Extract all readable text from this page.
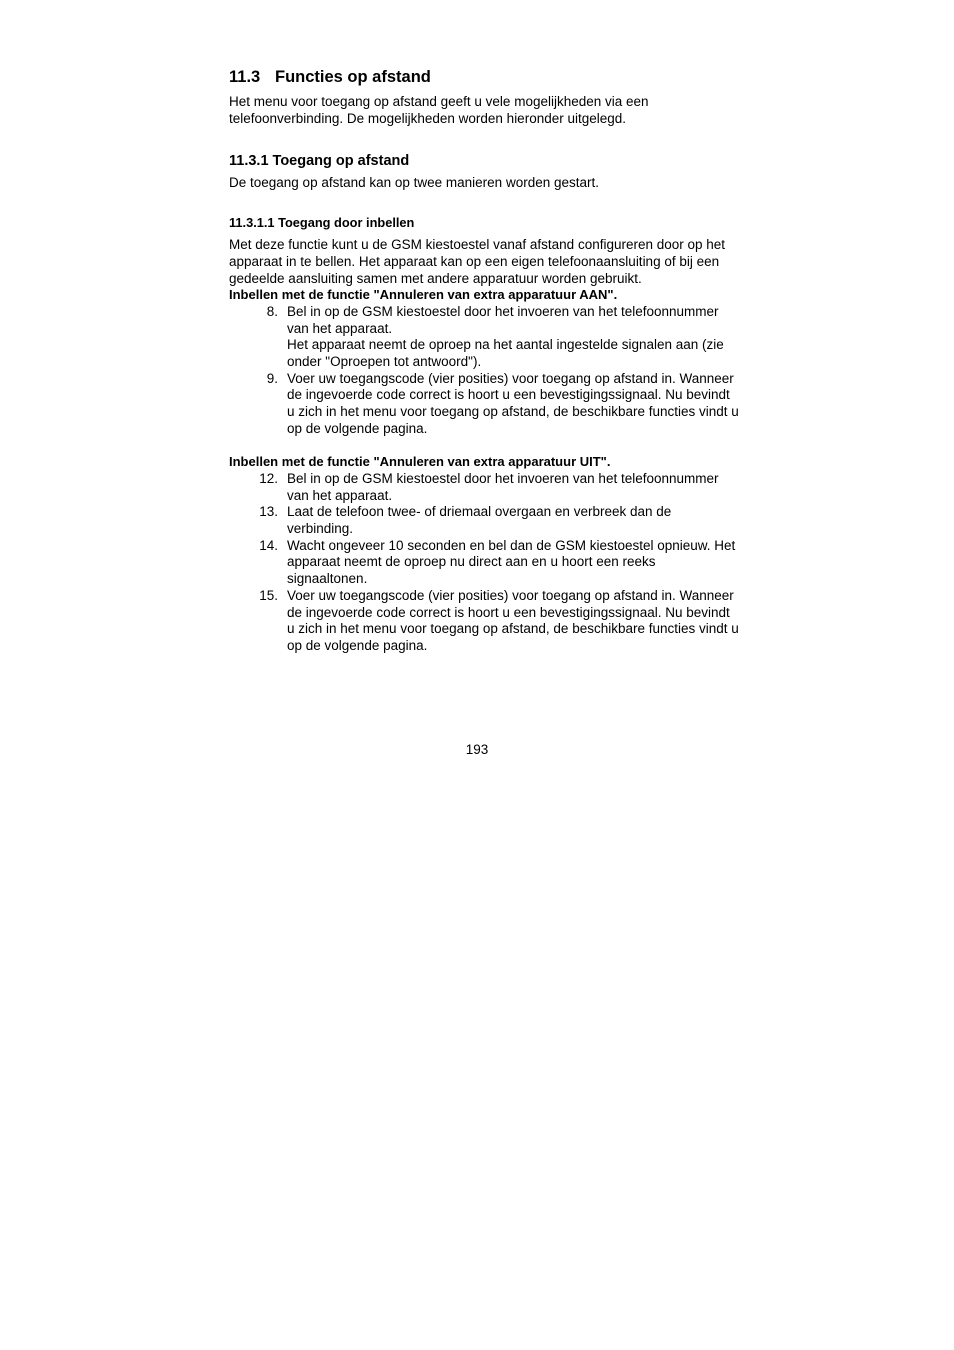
11.3 Functies op afstand

Het menu voor toegang op afstand geeft u vele mogelijkheden via een telefoonverbinding. De mogelijkheden worden hieronder uitgelegd.

11.3.1 Toegang op afstand

De toegang op afstand kan op twee manieren worden gestart.

11.3.1.1 Toegang door inbellen

Met deze functie kunt u de GSM kiestoestel vanaf afstand configureren door op het apparaat in te bellen. Het apparaat kan op een eigen telefoonaansluiting of bij een gedeelde aansluiting samen met andere apparatuur worden gebruikt.

Inbellen met de functie "Annuleren van extra apparatuur AAN".
8. Bel in op de GSM kiestoestel door het invoeren van het telefoonnummer van het apparaat.
Het apparaat neemt de oproep na het aantal ingestelde signalen aan (zie onder "Oproepen tot antwoord").
9. Voer uw toegangscode (vier posities) voor toegang op afstand in. Wanneer de ingevoerde code correct is hoort u een bevestigingssignaal. Nu bevindt u zich in het menu voor toegang op afstand, de beschikbare functies vindt u op de volgende pagina.
Inbellen met de functie "Annuleren van extra apparatuur UIT".
12. Bel in op de GSM kiestoestel door het invoeren van het telefoonnummer van het apparaat.
13. Laat de telefoon twee- of driemaal overgaan en verbreek dan de verbinding.
14. Wacht ongeveer 10 seconden en bel dan de GSM kiestoestel opnieuw. Het apparaat neemt de oproep nu direct aan en u hoort een reeks signaaltonen.
15. Voer uw toegangscode (vier posities) voor toegang op afstand in. Wanneer de ingevoerde code correct is hoort u een bevestigingssignaal. Nu bevindt u zich in het menu voor toegang op afstand, de beschikbare functies vindt u op de volgende pagina.
193
